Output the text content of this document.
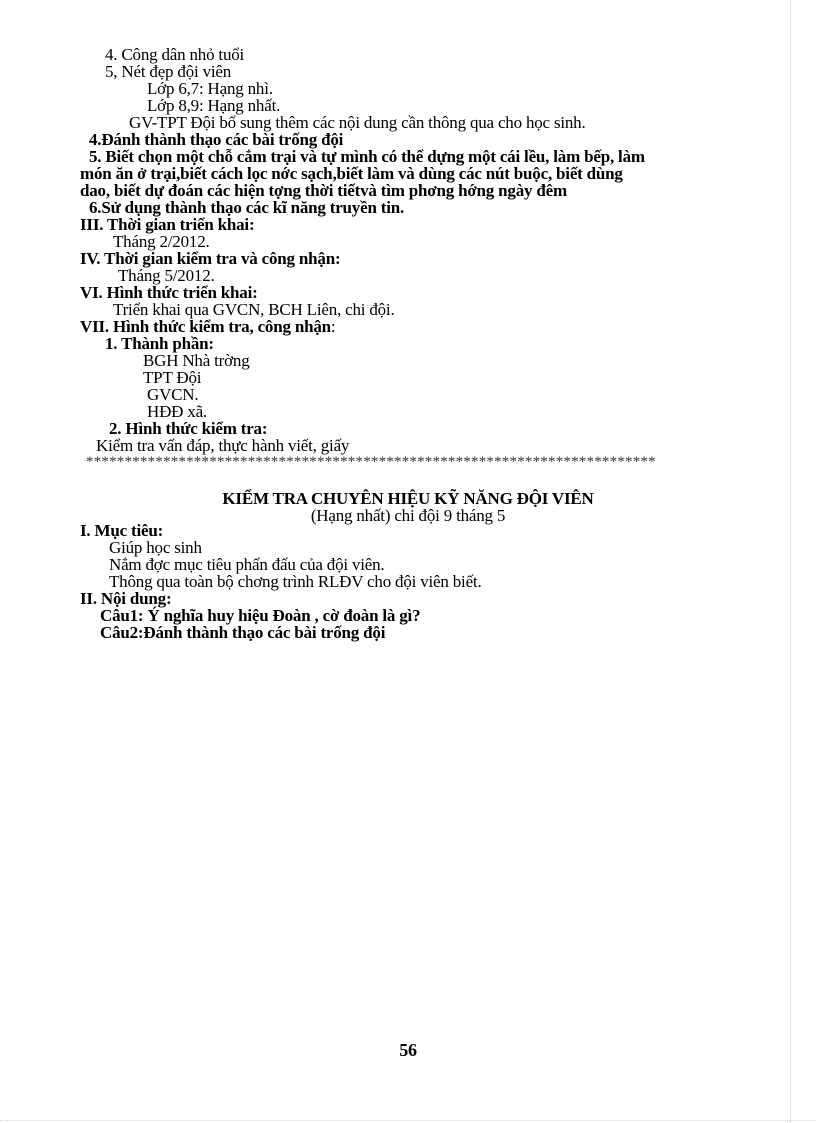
4. Công dân nhỏ tuổi
5, Nét đẹp đội viên
Lớp 6,7: Hạng nhì.
Lớp 8,9: Hạng nhất.
GV-TPT Đội bổ sung thêm các nội dung cần thông qua cho học sinh.
4.Đánh thành thạo các bài trống đội
5. Biết chọn một chỗ cắm trại và tự mình có thể dựng một cái lều, làm bếp, làm
món ăn ở trại,biết cách lọc nớc sạch,biết làm và dùng các nút buộc, biết dùng
dao, biết dự đoán các hiện tợng thời tiếtvà tìm phơng hớng ngày đêm
6.Sử dụng thành thạo các kĩ năng truyền tin.
III. Thời gian triển khai:
Tháng 2/2012.
IV. Thời gian kiểm tra và công nhận:
Tháng 5/2012.
VI. Hình thức triển khai:
Triển khai qua GVCN, BCH Liên, chi đội.
VII. Hình thức kiểm tra, công nhận:
1. Thành phần:
BGH Nhà trờng
TPT Đội
GVCN.
HĐĐ xã.
2. Hình thức kiểm tra:
Kiểm tra vấn đáp, thực hành viết, giấy
**************************************************************************
KIỂM TRA CHUYÊN HIỆU KỸ NĂNG ĐỘI VIÊN
(Hạng nhất) chi đội 9 tháng 5
I. Mục tiêu:
Giúp học sinh
Nắm đợc mục tiêu phấn đấu của đội viên.
Thông qua toàn bộ chơng trình RLĐV cho đội viên biết.
II. Nội dung:
Câu1: Ý nghĩa huy hiệu Đoàn , cờ đoàn là gì?
Câu2:Đánh thành thạo các bài trống đội
56
